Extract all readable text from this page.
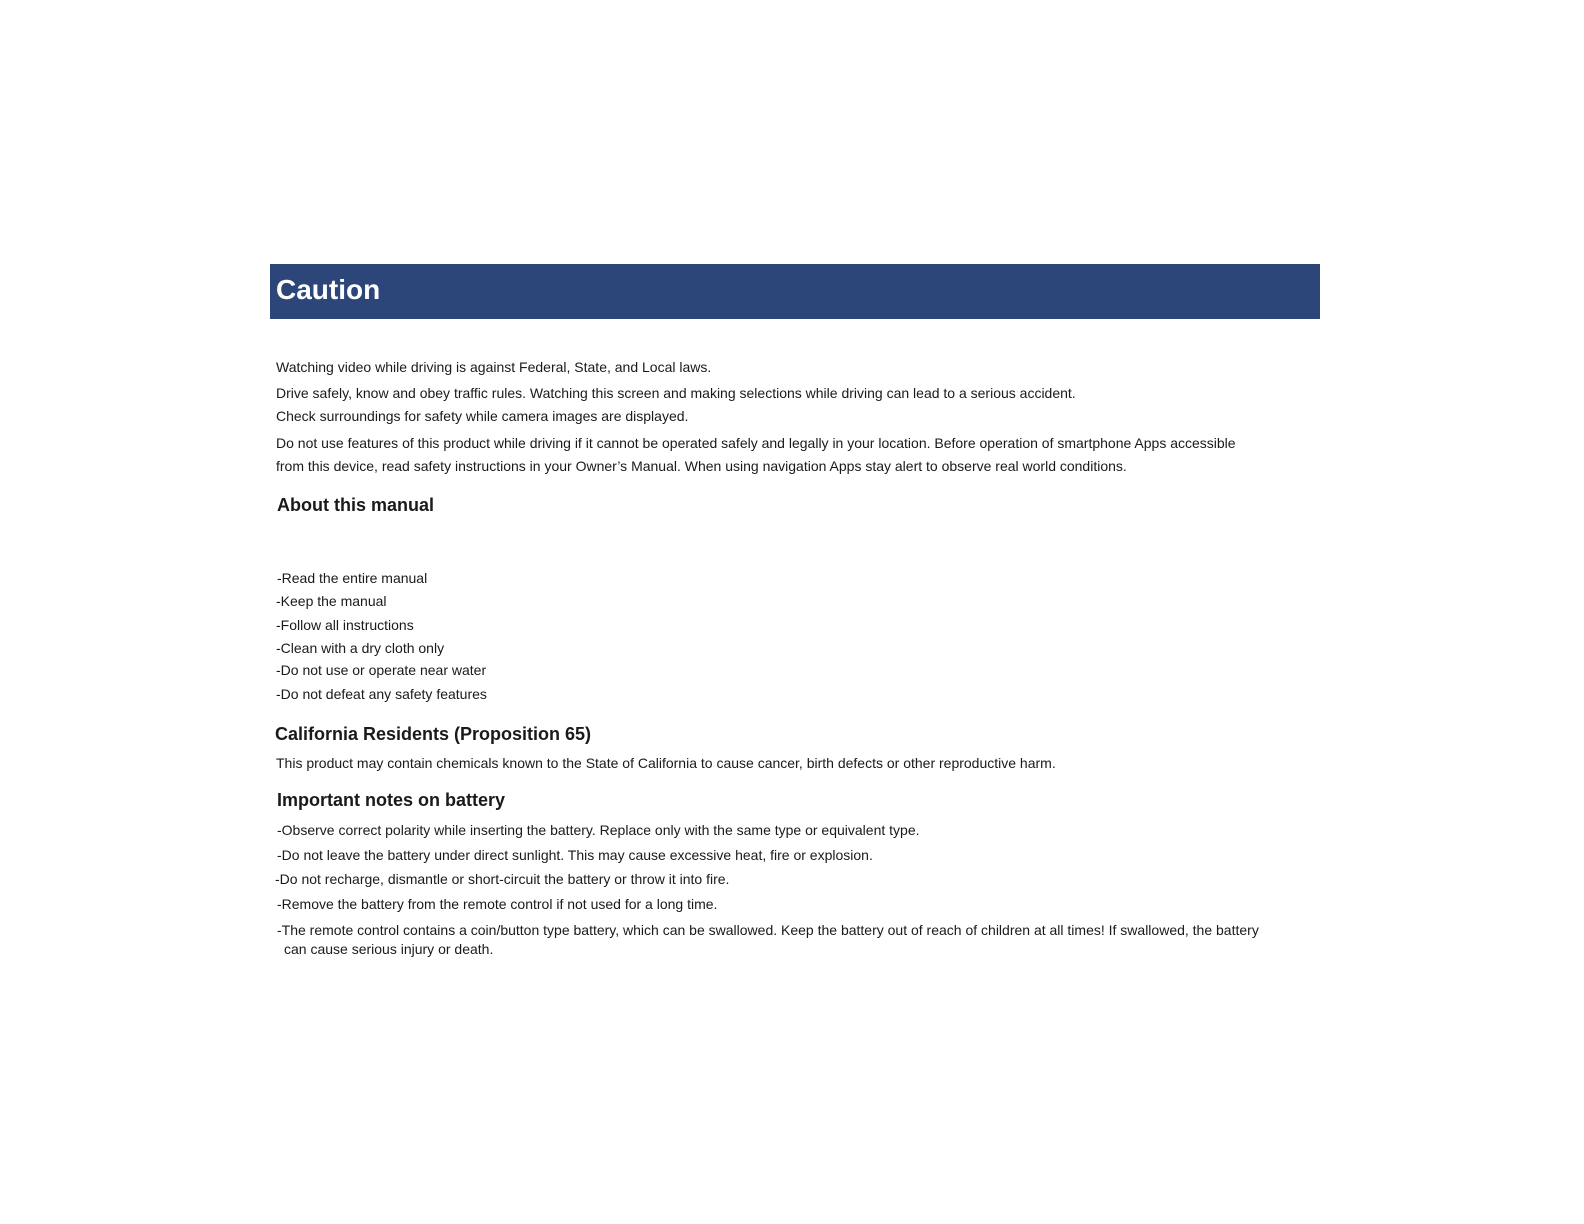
Caution
Watching video while driving is against Federal, State, and Local laws.
Drive safely, know and obey traffic rules. Watching this screen and making selections while driving can lead to a serious accident.
Check surroundings for safety while camera images are displayed.
Do not use features of this product while driving if it cannot be operated safely and legally in your location. Before operation of smartphone Apps accessible
from this device, read safety instructions in your Owner’s Manual. When using navigation Apps stay alert to observe real world conditions.
About this manual
-Read the entire manual
-Keep the manual
-Follow all instructions
-Clean with a dry cloth only
-Do not use or operate near water
-Do not defeat any safety features
California Residents (Proposition 65)
This product may contain chemicals known to the State of California to cause cancer, birth defects or other reproductive harm.
Important notes on battery
-Observe correct polarity while inserting the battery. Replace only with the same type or equivalent type.
-Do not leave the battery under direct sunlight. This may cause excessive heat, fire or explosion.
-Do not recharge, dismantle or short-circuit the battery or throw it into fire.
-Remove the battery from the remote control if not used for a long time.
-The remote control contains a coin/button type battery, which can be swallowed. Keep the battery out of reach of children at all times! If swallowed, the battery
can cause serious injury or death.
